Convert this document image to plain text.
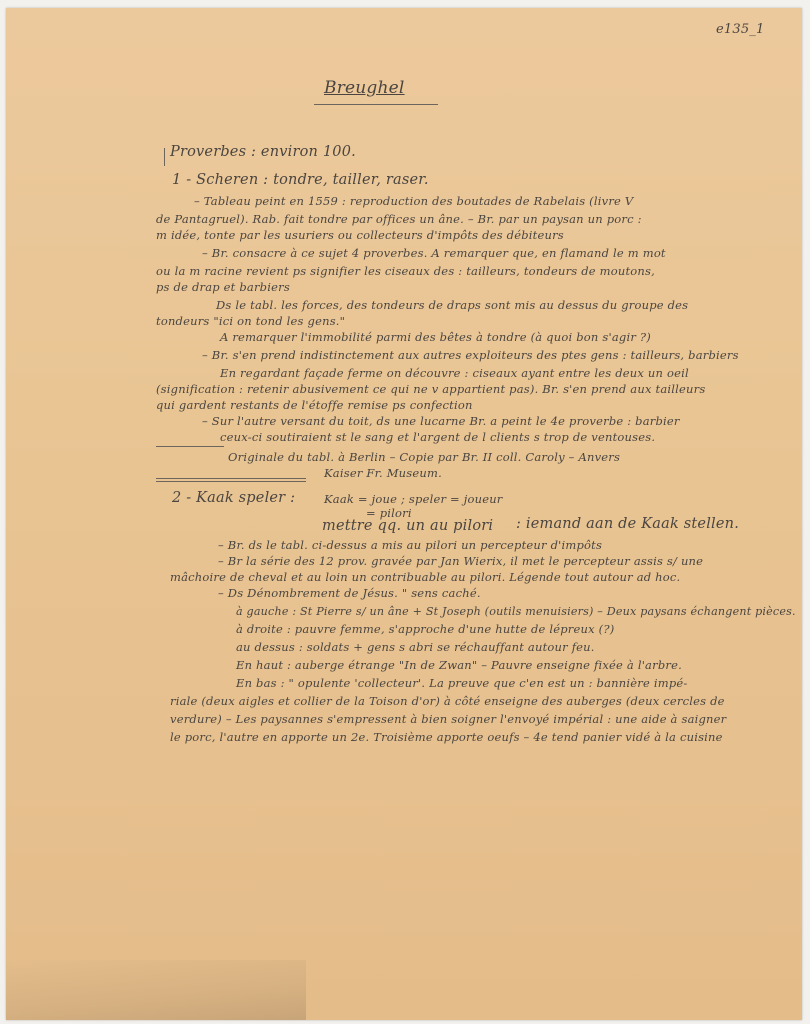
e135_1
Breughel
Proverbes : environ 100.
1 - Scheren : tondre, tailler, raser.
– Tableau peint en 1559 : reproduction des boutades de Rabelais (livre V
de Pantagruel). Rab. fait tondre par offices un âne. – Br. par un paysan un porc :
m idée, tonte par les usuriers ou collecteurs d'impôts des débiteurs
– Br. consacre à ce sujet 4 proverbes. A remarquer que, en flamand le m mot
ou la m racine revient ps signifier les ciseaux des : tailleurs, tondeurs de moutons,
ps de drap et barbiers
Ds le tabl. les forces, des tondeurs de draps sont mis au dessus du groupe des
tondeurs "ici on tond les gens."
A remarquer l'immobilité parmi des bêtes à tondre (à quoi bon s'agir ?)
– Br. s'en prend indistinctement aux autres exploiteurs des ptes gens : tailleurs, barbiers
En regardant façade ferme on découvre : ciseaux ayant entre les deux un oeil
(signification : retenir abusivement ce qui ne v appartient pas). Br. s'en prend aux tailleurs
qui gardent restants de l'étoffe remise ps confection
– Sur l'autre versant du toit, ds une lucarne Br. a peint le 4e proverbe : barbier
ceux-ci soutiraient st le sang et l'argent de l clients s trop de ventouses.
Originale du tabl. à Berlin – Copie par Br. II coll. Caroly – Anvers
Kaiser Fr. Museum.
2 - Kaak speler :	Kaak = joue ; speler = joueur
= pilori
mettre qq. un au pilori : iemand aan de Kaak stellen.
– Br. ds le tabl. ci-dessus a mis au pilori un percepteur d'impôts
– Br la série des 12 prov. gravée par Jan Wierix, il met le percepteur assis s/ une
mâchoire de cheval et au loin un contribuable au pilori. Légende tout autour ad hoc.
– Ds Dénombrement de Jésus. " sens caché.
à gauche : St Pierre s/ un âne + St Joseph (outils menuisiers) – Deux paysans échangent pièces.
à droite : pauvre femme, s'approche d'une hutte de lépreux (?)
au dessus : soldats + gens s abri se réchauffant autour feu.
En haut : auberge étrange "In de Zwan" – Pauvre enseigne fixée à l'arbre.
En bas : " opulente 'collecteur'. La preuve que c'en est un : bannière impé-
riale (deux aigles et collier de la Toison d'or) à côté enseigne des auberges (deux cercles de
verdure) – Les paysannes s'empressent à bien soigner l'envoyé impérial : une aide à saigner
le porc, l'autre en apporte un 2e. Troisième apporte oeufs – 4e tend panier vidé à la cuisine
